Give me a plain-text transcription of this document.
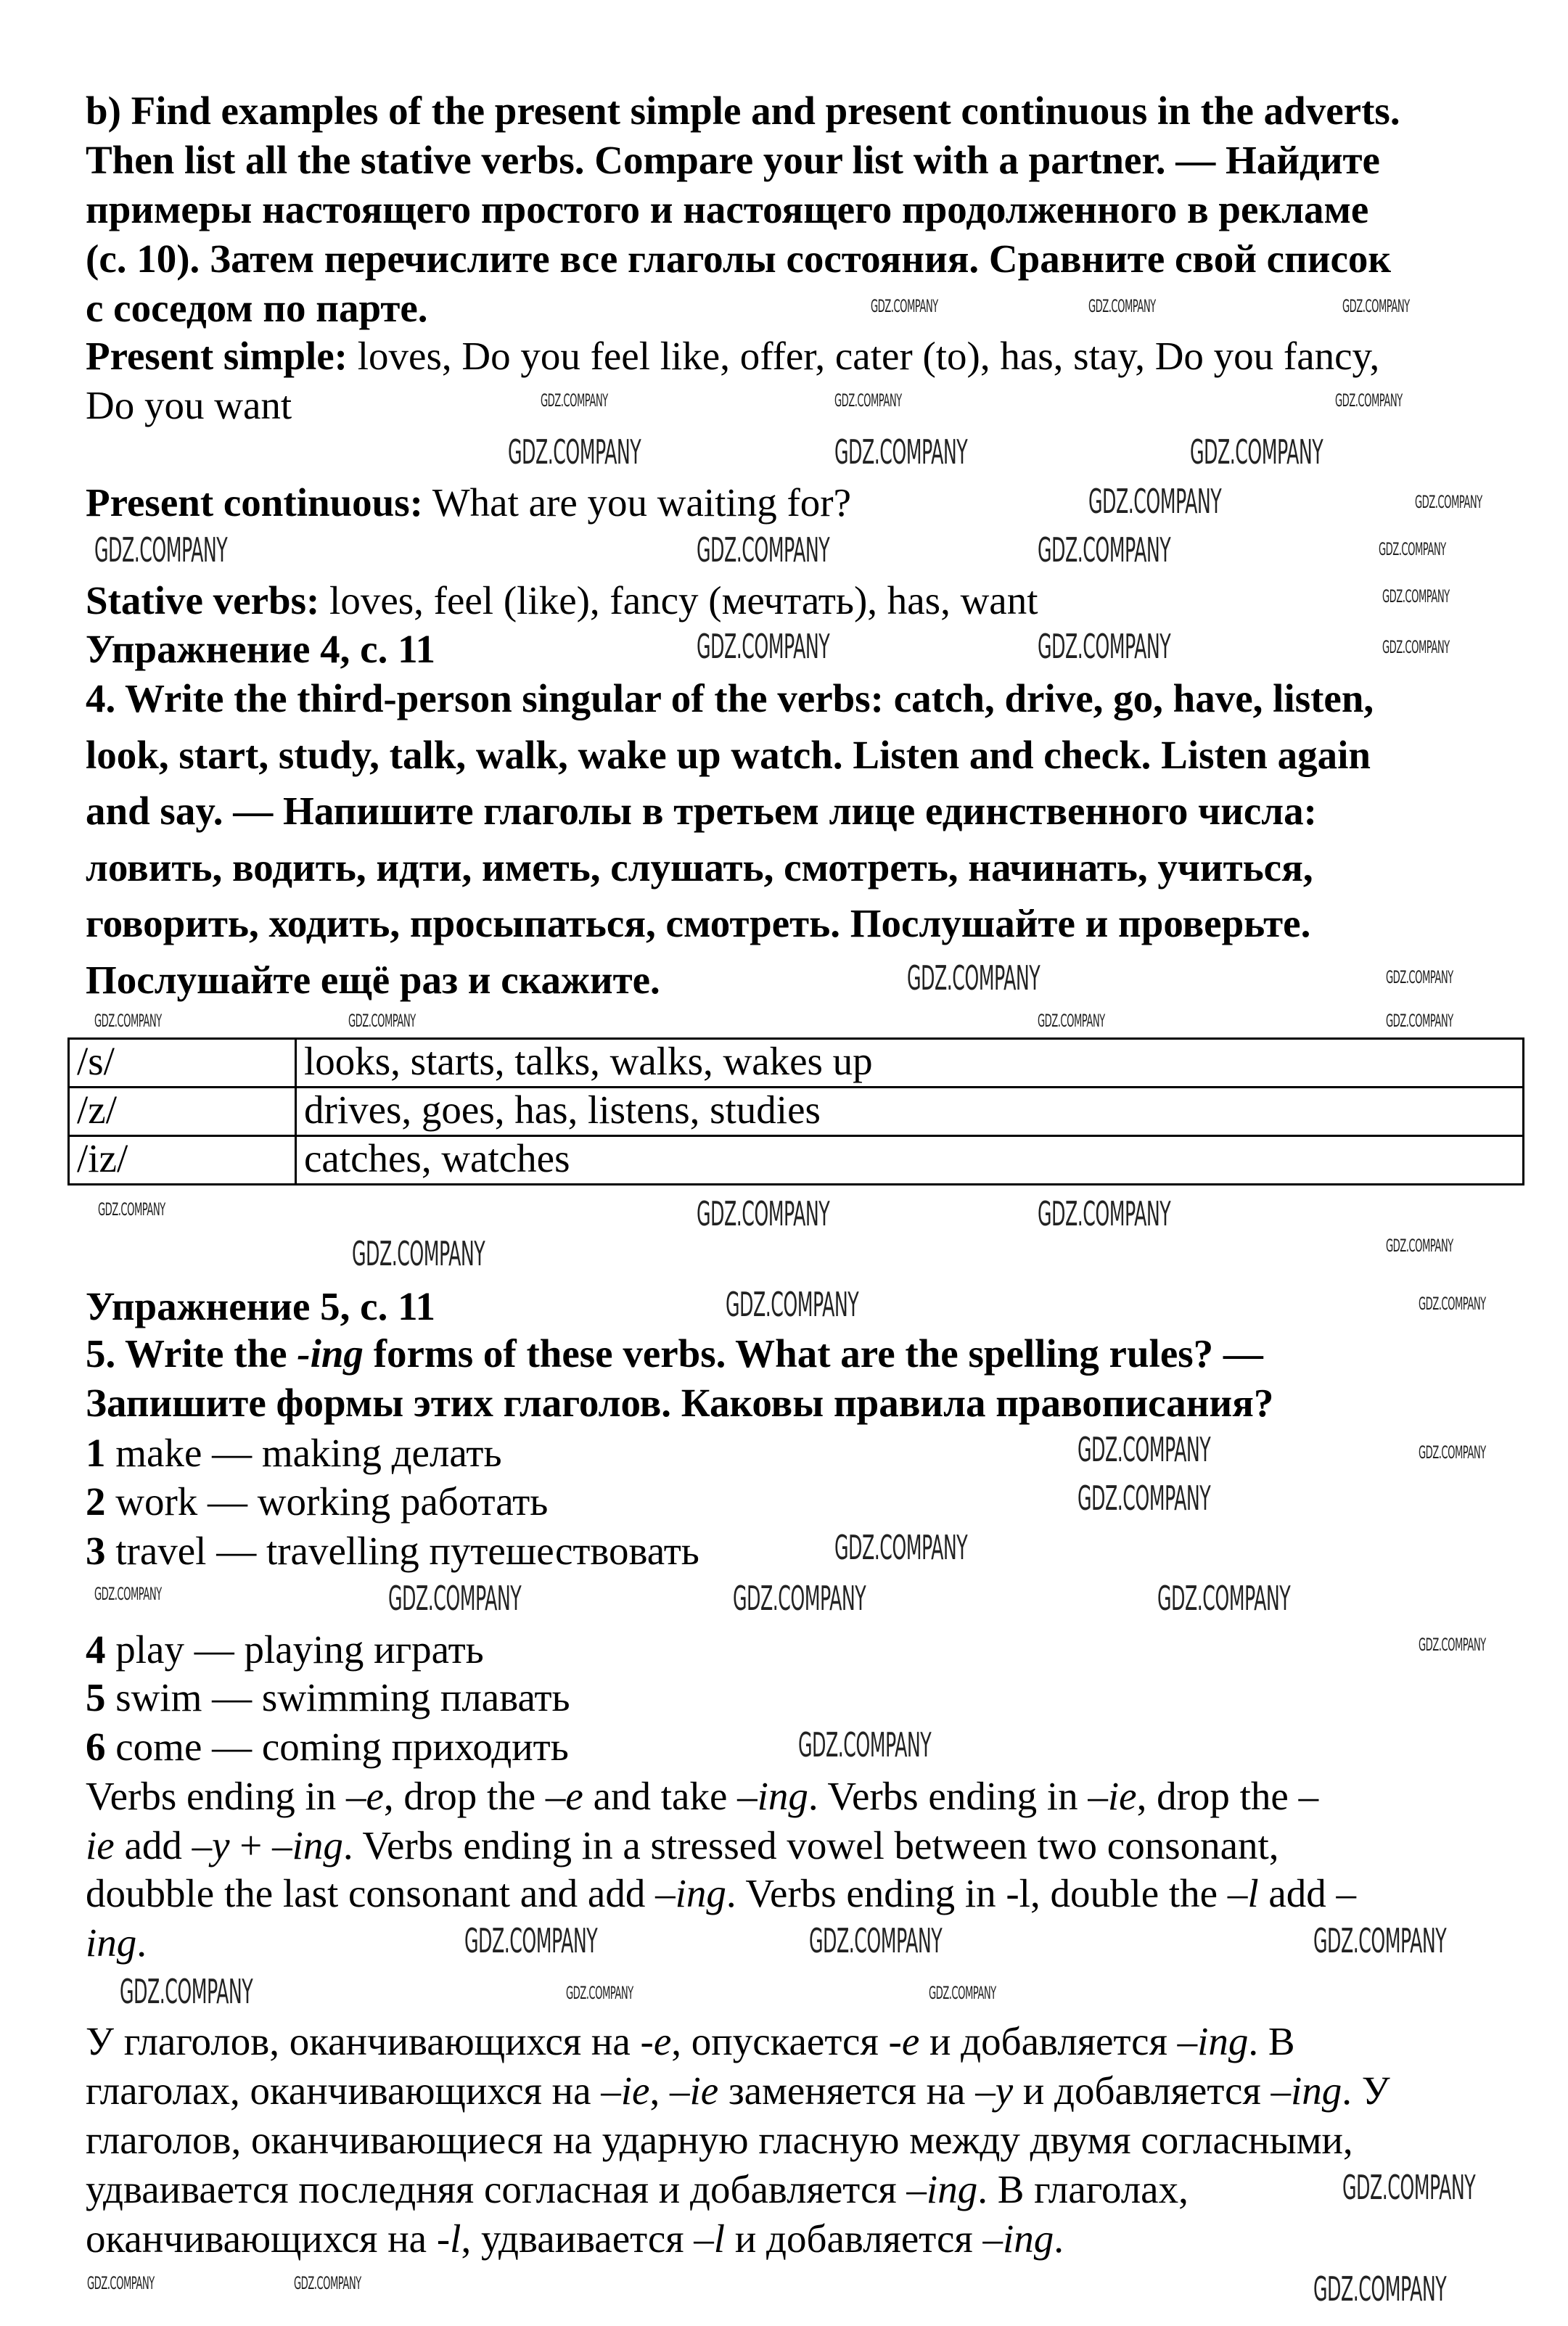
b) Find examples of the present simple and present continuous in the adverts.
Then list all the stative verbs. Compare your list with a partner. — Найдите
примеры настоящего простого и настоящего продолженного в рекламе
(с. 10). Затем перечислите все глаголы состояния. Сравните свой список
с соседом по парте.
Present simple: loves, Do you feel like, offer, cater (to), has, stay, Do you fancy,
Do you want
Present continuous: What are you waiting for?
Stative verbs: loves, feel (like), fancy (мечтать), has, want
Упражнение 4, с. 11
4. Write the third-person singular of the verbs: catch, drive, go, have, listen,
look, start, study, talk, walk, wake up watch. Listen and check. Listen again
and say. — Напишите глаголы в третьем лице единственного числа:
ловить, водить, идти, иметь, слушать, смотреть, начинать, учиться,
говорить, ходить, просыпаться, смотреть. Послушайте и проверьте.
Послушайте ещё раз и скажите.
Упражнение 5, с. 11
5. Write the -ing forms of these verbs. What are the spelling rules? —
Запишите формы этих глаголов. Каковы правила правописания?
1 make — making делать
2 work — working работать
3 travel — travelling путешествовать
4 play — playing играть
5 swim — swimming плавать
6 come — coming приходить
Verbs ending in –e, drop the –e and take –ing. Verbs ending in –ie, drop the –
ie add –y + –ing. Verbs ending in a stressed vowel between two consonant,
doubble the last consonant and add –ing. Verbs ending in -l, double the –l add –
ing.
У глаголов, оканчивающихся на -e, опускается -e и добавляется –ing. В
глаголах, оканчивающихся на –ie, –ie заменяется на –y и добавляется –ing. У
глаголов, оканчивающиеся на ударную гласную между двумя согласными,
удваивается последняя согласная и добавляется –ing. В глаголах,
оканчивающихся на -l, удваивается –l и добавляется –ing.
/s/	looks, starts, talks, walks, wakes up
/z/	drives, goes, has, listens, studies
/iz/	catches, watches
GDZ.COMPANY	GDZ.COMPANY	GDZ.COMPANY
GDZ.COMPANY	GDZ.COMPANY	GDZ.COMPANY
GDZ.COMPANY	GDZ.COMPANY	GDZ.COMPANY
GDZ.COMPANY	GDZ.COMPANY
GDZ.COMPANY	GDZ.COMPANY	GDZ.COMPANY	GDZ.COMPANY
GDZ.COMPANY
GDZ.COMPANY	GDZ.COMPANY	GDZ.COMPANY
GDZ.COMPANY	GDZ.COMPANY
GDZ.COMPANY	GDZ.COMPANY	GDZ.COMPANY	GDZ.COMPANY
GDZ.COMPANY	GDZ.COMPANY	GDZ.COMPANY
GDZ.COMPANY	GDZ.COMPANY
GDZ.COMPANY	GDZ.COMPANY
GDZ.COMPANY	GDZ.COMPANY
GDZ.COMPANY
GDZ.COMPANY
GDZ.COMPANY	GDZ.COMPANY	GDZ.COMPANY	GDZ.COMPANY
GDZ.COMPANY
GDZ.COMPANY
GDZ.COMPANY	GDZ.COMPANY	GDZ.COMPANY
GDZ.COMPANY	GDZ.COMPANY	GDZ.COMPANY
GDZ.COMPANY
GDZ.COMPANY	GDZ.COMPANY	GDZ.COMPANY
